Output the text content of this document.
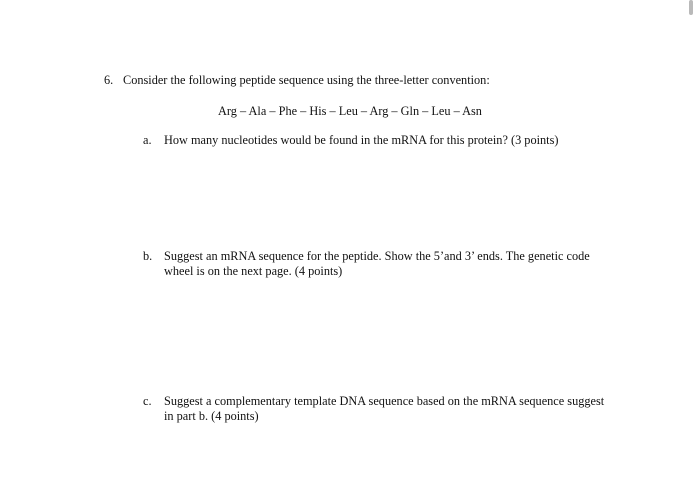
6. Consider the following peptide sequence using the three-letter convention:
Arg – Ala – Phe – His – Leu – Arg – Gln – Leu – Asn
a. How many nucleotides would be found in the mRNA for this protein? (3 points)
b. Suggest an mRNA sequence for the peptide. Show the 5’and 3’ ends. The genetic code
wheel is on the next page. (4 points)
c. Suggest a complementary template DNA sequence based on the mRNA sequence suggest
in part b. (4 points)
